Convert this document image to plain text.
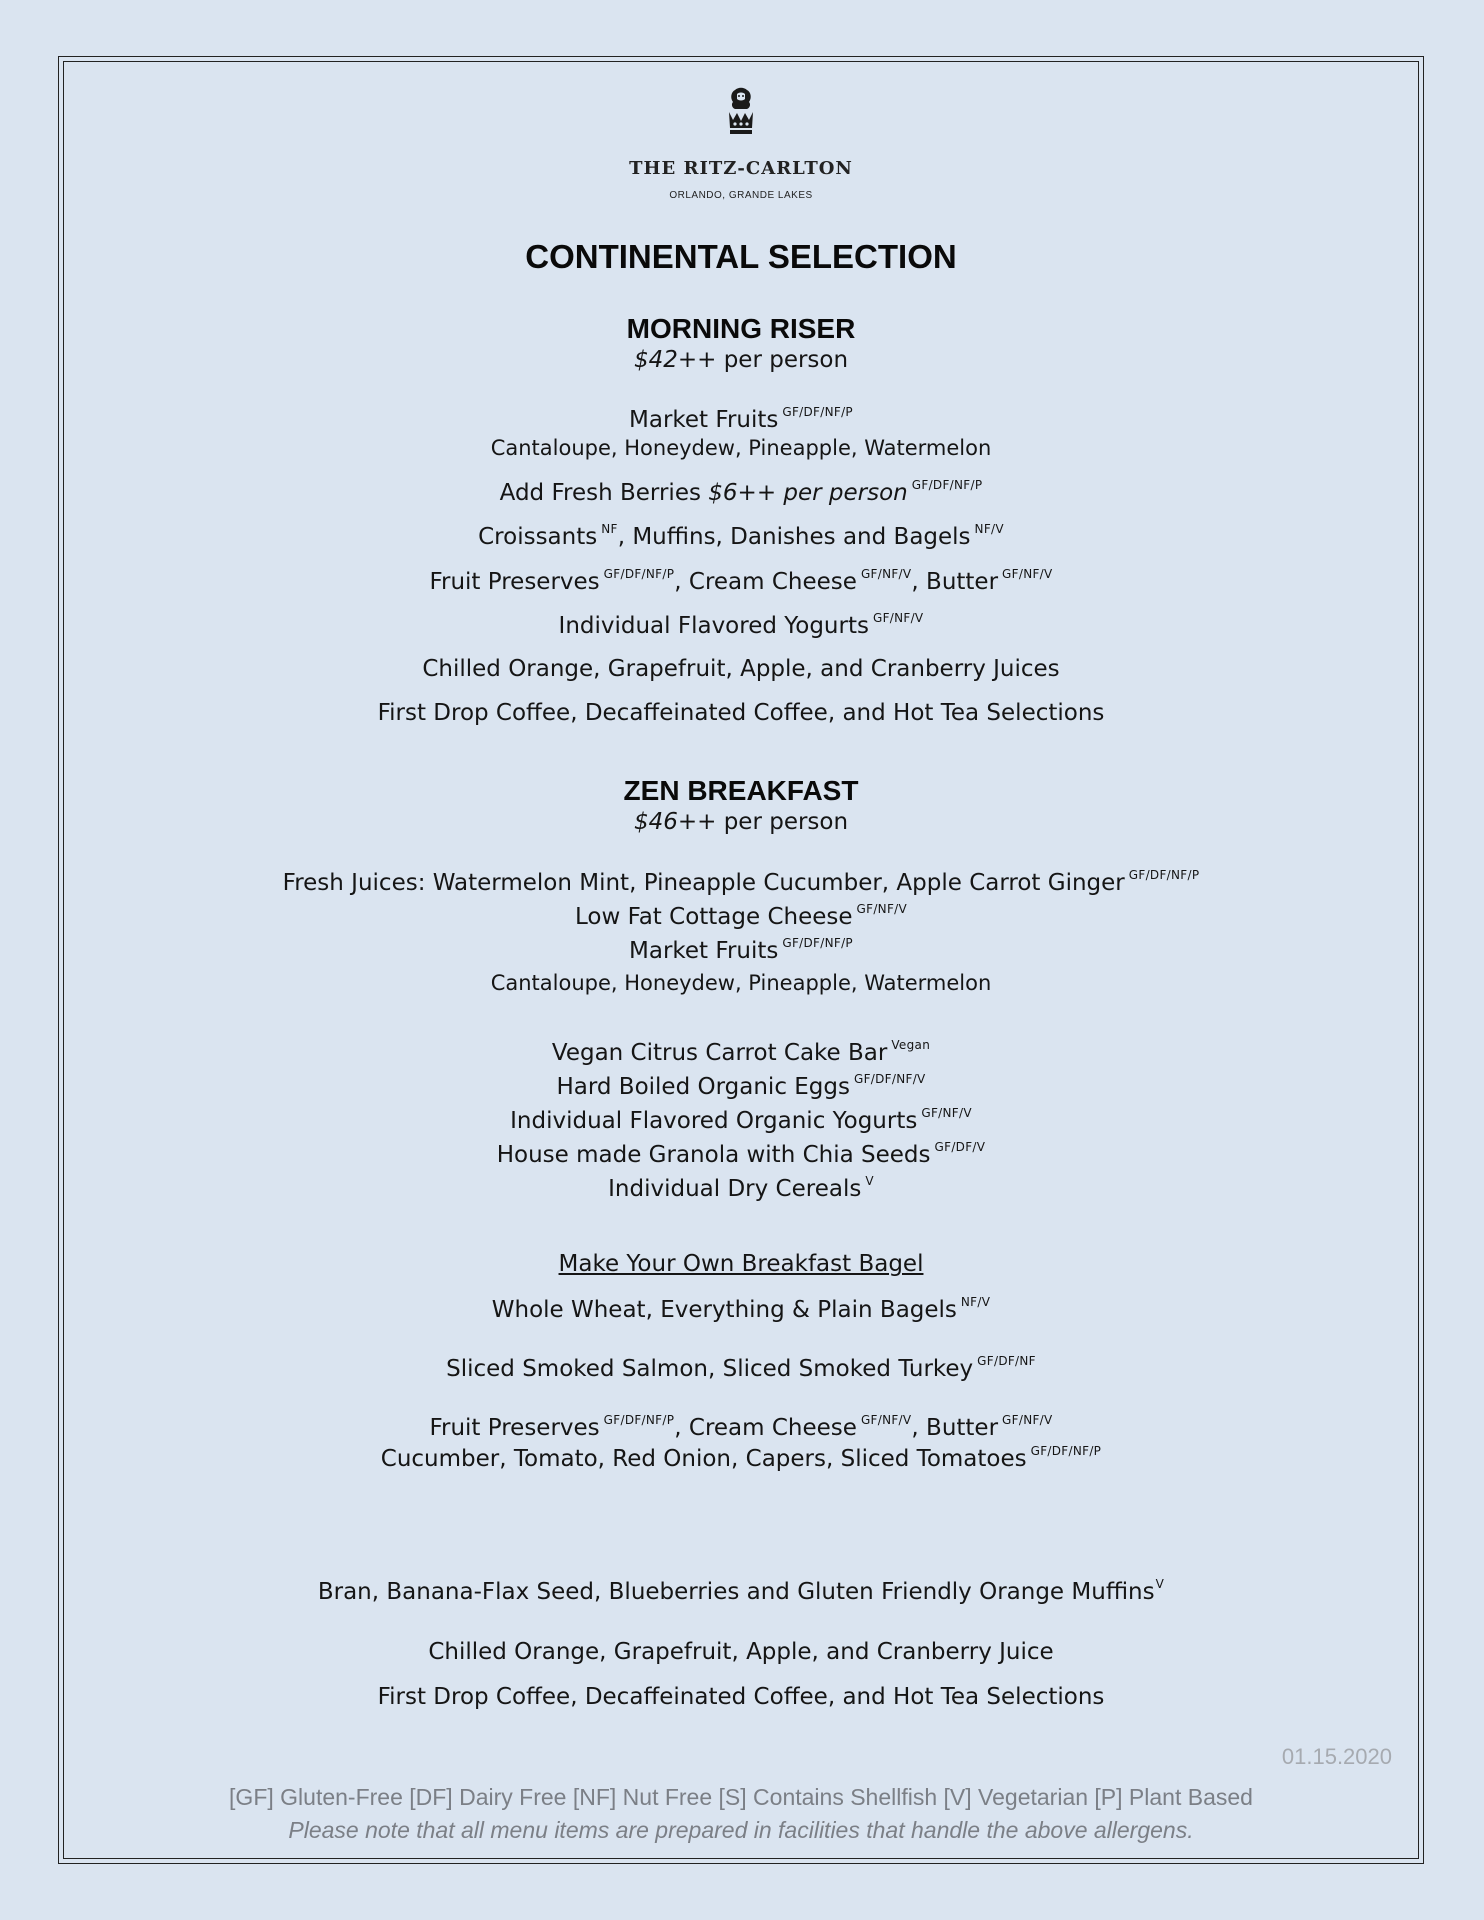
THE RITZ-CARLTON
ORLANDO, GRANDE LAKES
CONTINENTAL SELECTION
MORNING RISER
$42++ per person
Market Fruits $^{GF/DF/NF/P}$
Cantaloupe, Honeydew, Pineapple, Watermelon
Add Fresh Berries $6++ per person $^{GF/DF/NF/P}$
Croissants $^{NF}$, Muffins, Danishes and Bagels $^{NF/V}$
Fruit Preserves $^{GF/DF/NF/P}$, Cream Cheese $^{GF/NF/V}$, Butter $^{GF/NF/V}$
Individual Flavored Yogurts $^{GF/NF/V}$
Chilled Orange, Grapefruit, Apple, and Cranberry Juices
First Drop Coffee, Decaffeinated Coffee, and Hot Tea Selections
ZEN BREAKFAST
$46++ per person
Fresh Juices: Watermelon Mint, Pineapple Cucumber, Apple Carrot Ginger $^{GF/DF/NF/P}$
Low Fat Cottage Cheese $^{GF/NF/V}$
Market Fruits $^{GF/DF/NF/P}$
Cantaloupe, Honeydew, Pineapple, Watermelon
Vegan Citrus Carrot Cake Bar $^{Vegan}$
Hard Boiled Organic Eggs $^{GF/DF/NF/V}$
Individual Flavored Organic Yogurts $^{GF/NF/V}$
House made Granola with Chia Seeds $^{GF/DF/V}$
Individual Dry Cereals $^V$
Make Your Own Breakfast Bagel
Whole Wheat, Everything & Plain Bagels $^{NF/V}$
Sliced Smoked Salmon, Sliced Smoked Turkey $^{GF/DF/NF}$
Fruit Preserves $^{GF/DF/NF/P}$, Cream Cheese $^{GF/NF/V}$, Butter $^{GF/NF/V}$
Cucumber, Tomato, Red Onion, Capers, Sliced Tomatoes $^{GF/DF/NF/P}$
Bran, Banana-Flax Seed, Blueberries and Gluten Friendly Orange Muffins$^V$
Chilled Orange, Grapefruit, Apple, and Cranberry Juice
First Drop Coffee, Decaffeinated Coffee, and Hot Tea Selections
[GF] Gluten-Free [DF] Dairy Free [NF] Nut Free [S] Contains Shellfish [V] Vegetarian [P] Plant Based
Please note that all menu items are prepared in facilities that handle the above allergens.
01.15.2020
